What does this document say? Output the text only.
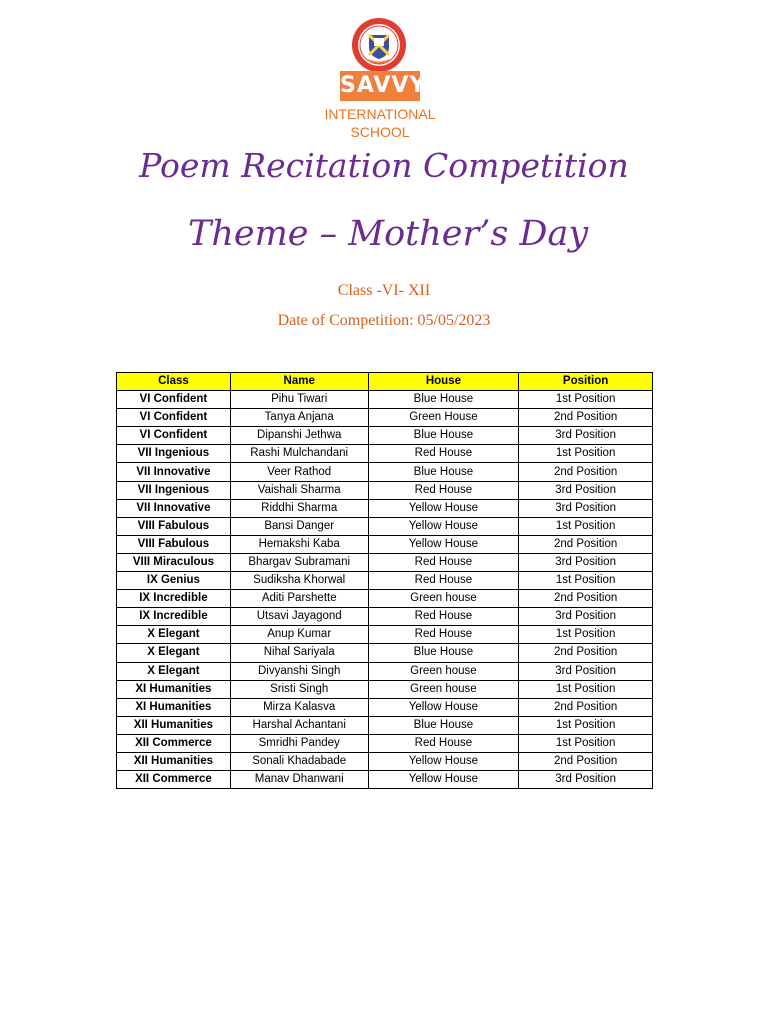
SAVVY
INTERNATIONAL SCHOOL
Poem Recitation Competition
Theme – Mother’s Day
Class -VI- XII
Date of Competition: 05/05/2023
Class	Name	House	Position
VI Confident	Pihu Tiwari	Blue House	1st Position
VI Confident	Tanya Anjana	Green House	2nd Position
VI Confident	Dipanshi Jethwa	Blue House	3rd Position
VII Ingenious	Rashi Mulchandani	Red House	1st Position
VII Innovative	Veer Rathod	Blue House	2nd Position
VII Ingenious	Vaishali Sharma	Red House	3rd Position
VII Innovative	Riddhi Sharma	Yellow House	3rd Position
VIII Fabulous	Bansi Danger	Yellow House	1st Position
VIII Fabulous	Hemakshi Kaba	Yellow House	2nd Position
VIII Miraculous	Bhargav Subramani	Red House	3rd Position
IX Genius	Sudiksha Khorwal	Red House	1st Position
IX Incredible	Aditi Parshette	Green house	2nd Position
IX Incredible	Utsavi Jayagond	Red House	3rd Position
X Elegant	Anup Kumar	Red House	1st Position
X Elegant	Nihal Sariyala	Blue House	2nd Position
X Elegant	Divyanshi Singh	Green house	3rd Position
XI Humanities	Sristi Singh	Green house	1st Position
XI Humanities	Mirza Kalasva	Yellow House	2nd Position
XII Humanities	Harshal Achantani	Blue House	1st Position
XII Commerce	Smridhi Pandey	Red House	1st Position
XII Humanities	Sonali Khadabade	Yellow House	2nd Position
XII Commerce	Manav Dhanwani	Yellow House	3rd Position
